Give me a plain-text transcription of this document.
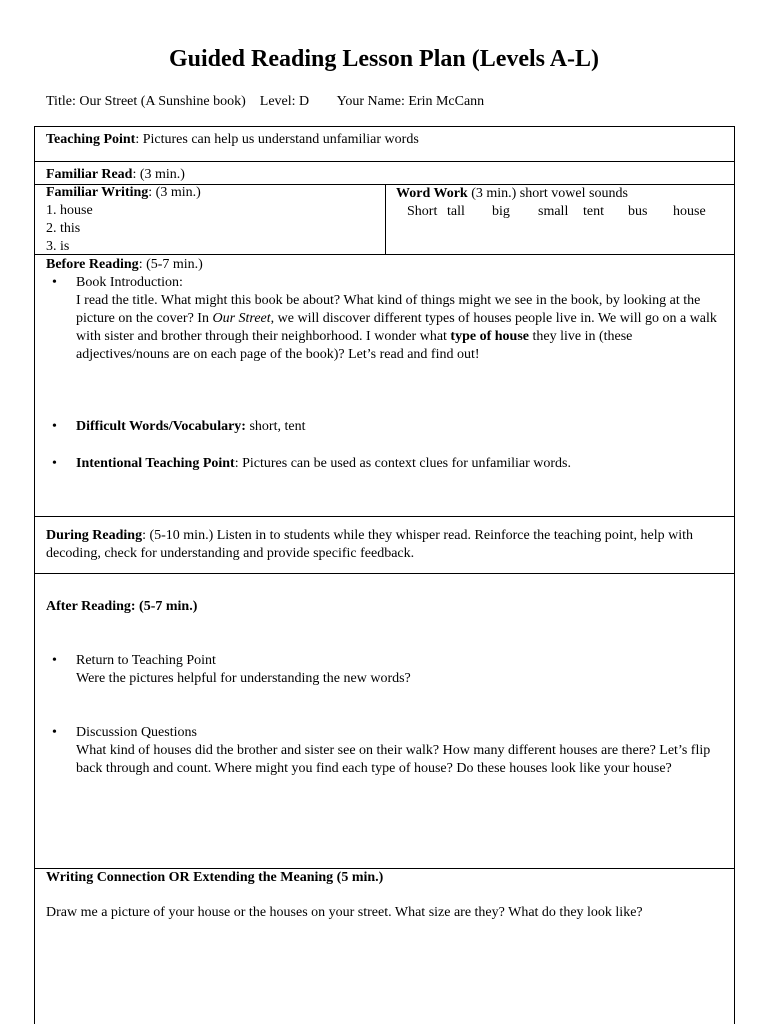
Guided Reading Lesson Plan (Levels A-L)
Title: Our Street (A Sunshine book) Level: D Your Name: Erin McCann
Teaching Point: Pictures can help us understand unfamiliar words
Familiar Read: (3 min.)
Familiar Writing: (3 min.)
1. house
2. this
3. is
Word Work (3 min.) short vowel sounds
Short tall	big	small	tent	bus	house
Before Reading: (5-7 min.)
• Book Introduction:
I read the title. What might this book be about? What kind of things might we see in the book, by looking at the picture on the cover? In Our Street, we will discover different types of houses people live in. We will go on a walk with sister and brother through their neighborhood. I wonder what type of house they live in (these adjectives/nouns are on each page of the book)? Let’s read and find out!
• Difficult Words/Vocabulary: short, tent
• Intentional Teaching Point: Pictures can be used as context clues for unfamiliar words.
During Reading: (5-10 min.) Listen in to students while they whisper read. Reinforce the teaching point, help with decoding, check for understanding and provide specific feedback.
After Reading: (5-7 min.)
• Return to Teaching Point
Were the pictures helpful for understanding the new words?
• Discussion Questions
What kind of houses did the brother and sister see on their walk? How many different houses are there? Let’s flip back through and count. Where might you find each type of house? Do these houses look like your house?
Writing Connection OR Extending the Meaning (5 min.)
Draw me a picture of your house or the houses on your street. What size are they? What do they look like?
